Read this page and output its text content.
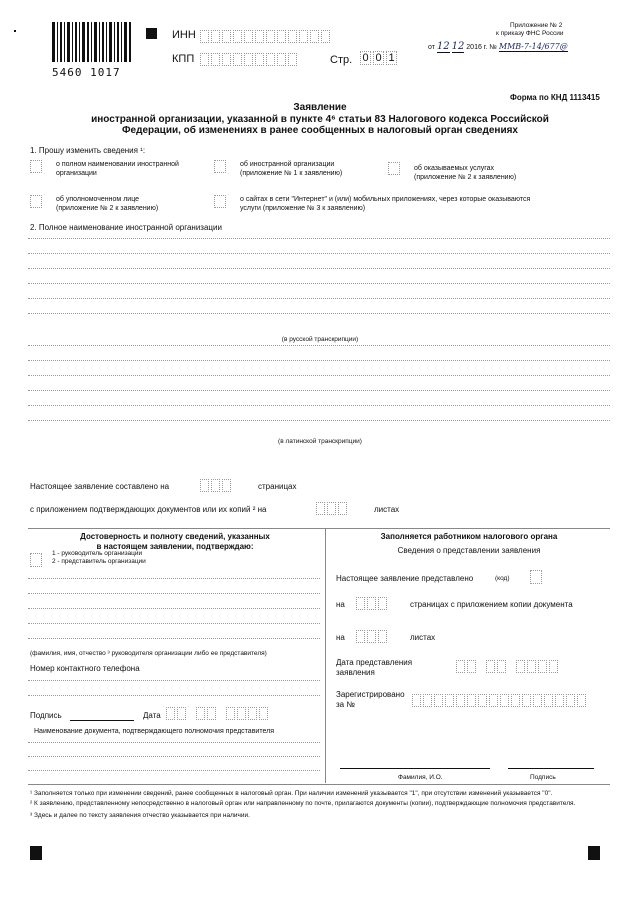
5460 1017
ИНН
КПП	Стр. 0 0 1
Приложение № 2
к приказу ФНС России
от 12 12 2016 г. № ММВ-7-14/677@
Форма по КНД 1113415
Заявление
иностранной организации, указанной в пункте 4⁶ статьи 83 Налогового кодекса Российской
Федерации, об изменениях в ранее сообщенных в налоговый орган сведениях
1. Прошу изменить сведения ¹:
о полном наименовании иностранной
организации
об иностранной организации
(приложение № 1 к заявлению)
об оказываемых услугах
(приложение № 2 к заявлению)
об уполномоченном лице
(приложение № 2 к заявлению)
о сайтах в сети "Интернет" и (или) мобильных приложениях, через которые оказываются
услуги (приложение № 3 к заявлению)
2. Полное наименование иностранной организации
(в русской транскрипции)
(в латинской транскрипции)
Настоящее заявление составлено на	страницах
с приложением подтверждающих документов или их копий ² на	листах
Достоверность и полноту сведений, указанных
в настоящем заявлении, подтверждаю:
1 - руководитель организации
2 - представитель организации
(фамилия, имя, отчество ³ руководителя организации либо ее представителя)
Номер контактного телефона
Подпись	Дата
Наименование документа, подтверждающего полномочия представителя
Заполняется работником налогового органа
Сведения о представлении заявления
Настоящее заявление представлено	(код)
на	страницах с приложением копии документа
на	листах
Дата представления
заявления
Зарегистрировано
за №
Фамилия, И.О.	Подпись
¹ Заполняется только при изменении сведений, ранее сообщенных в налоговый орган. При наличии изменений указывается "1", при отсутствии изменений указывается "0".
² К заявлению, представленному непосредственно в налоговый орган или направленному по почте, прилагаются документы (копии), подтверждающие полномочия представителя.
³ Здесь и далее по тексту заявления отчество указывается при наличии.
